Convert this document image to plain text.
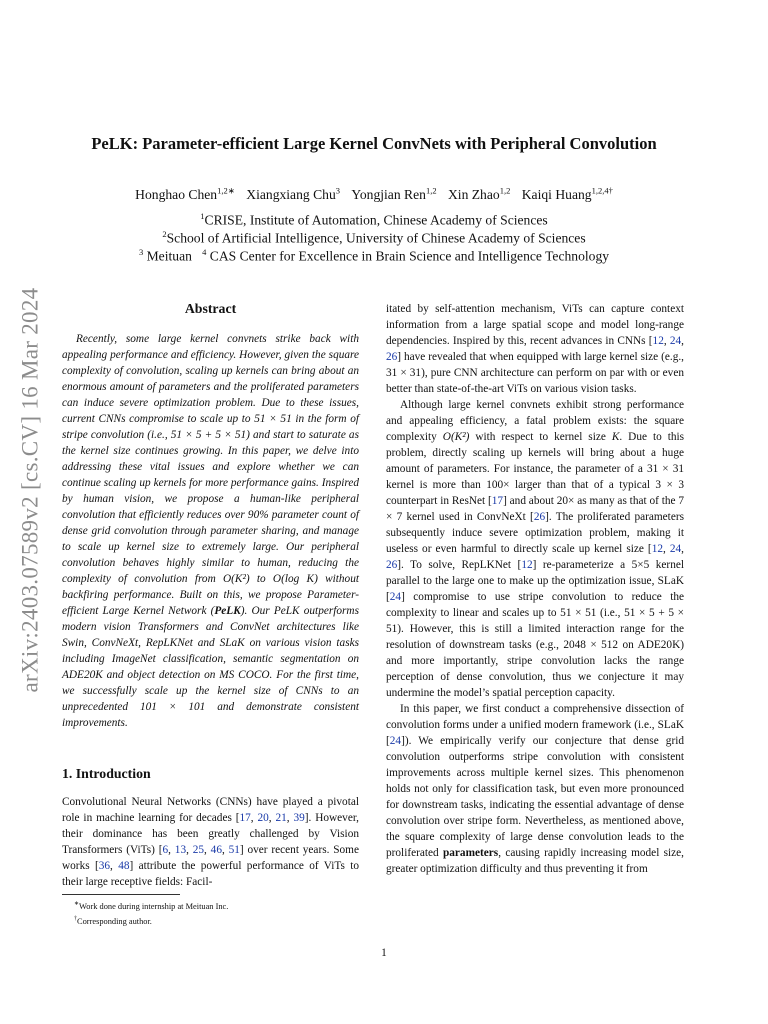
arXiv:2403.07589v2 [cs.CV] 16 Mar 2024
PeLK: Parameter-efficient Large Kernel ConvNets with Peripheral Convolution
Honghao Chen$^{1,2∗}$ Xiangxiang Chu$^3$ Yongjian Ren$^{1,2}$ Xin Zhao$^{1,2}$ Kaiqi Huang$^{1,2,4\dagger}$
$^1$CRISE, Institute of Automation, Chinese Academy of Sciences
$^2$School of Artificial Intelligence, University of Chinese Academy of Sciences
$^3$ Meituan $^4$ CAS Center for Excellence in Brain Science and Intelligence Technology
Abstract

Recently, some large kernel convnets strike back with appealing performance and efficiency. However, given the square complexity of convolution, scaling up kernels can bring about an enormous amount of parameters and the proliferated parameters can induce severe optimization problem. Due to these issues, current CNNs compromise to scale up to 51 × 51 in the form of stripe convolution (i.e., 51 × 5 + 5 × 51) and start to saturate as the kernel size continues growing. In this paper, we delve into addressing these vital issues and explore whether we can continue scaling up kernels for more performance gains. Inspired by human vision, we propose a human-like peripheral convolution that efficiently reduces over 90% parameter count of dense grid convolution through parameter sharing, and manage to scale up kernel size to extremely large. Our peripheral convolution behaves highly similar to human, reducing the complexity of convolution from O(K²) to O(log K) without backfiring performance. Built on this, we propose Parameter-efficient Large Kernel Network (PeLK). Our PeLK outperforms modern vision Transformers and ConvNet architectures like Swin, ConvNeXt, RepLKNet and SLaK on various vision tasks including ImageNet classification, semantic segmentation on ADE20K and object detection on MS COCO. For the first time, we successfully scale up the kernel size of CNNs to an unprecedented 101 × 101 and demonstrate consistent improvements.

1. Introduction

Convolutional Neural Networks (CNNs) have played a pivotal role in machine learning for decades [17, 20, 21, 39]. However, their dominance has been greatly challenged by Vision Transformers (ViTs) [6, 13, 25, 46, 51] over recent years. Some works [36, 48] attribute the powerful performance of ViTs to their large receptive fields: Facil-

∗Work done during internship at Meituan Inc.
†Corresponding author.

itated by self-attention mechanism, ViTs can capture context information from a large spatial scope and model long-range dependencies. Inspired by this, recent advances in CNNs [12, 24, 26] have revealed that when equipped with large kernel size (e.g., 31 × 31), pure CNN architecture can perform on par with or even better than state-of-the-art ViTs on various vision tasks.

Although large kernel convnets exhibit strong performance and appealing efficiency, a fatal problem exists: the square complexity O(K²) with respect to kernel size K. Due to this problem, directly scaling up kernels will bring about a huge amount of parameters. For instance, the parameter of a 31 × 31 kernel is more than 100× larger than that of a typical 3 × 3 counterpart in ResNet [17] and about 20× as many as that of the 7 × 7 kernel used in ConvNeXt [26]. The proliferated parameters subsequently induce severe optimization problem, making it useless or even harmful to directly scale up kernel size [12, 24, 26]. To solve, RepLKNet [12] re-parameterize a 5×5 kernel parallel to the large one to make up the optimization issue, SLaK [24] compromise to use stripe convolution to reduce the complexity to linear and scales up to 51 × 51 (i.e., 51 × 5 + 5 × 51). However, this is still a limited interaction range for the resolution of downstream tasks (e.g., 2048 × 512 on ADE20K) and more importantly, stripe convolution lacks the range perception of dense convolution, thus we conjecture it may undermine the model’s spatial perception capacity.

In this paper, we first conduct a comprehensive dissection of convolution forms under a unified modern framework (i.e., SLaK [24]). We empirically verify our conjecture that dense grid convolution outperforms stripe convolution with consistent improvements across multiple kernel sizes. This phenomenon holds not only for classification task, but even more pronounced for downstream tasks, indicating the essential advantage of dense convolution over stripe form. Nevertheless, as mentioned above, the square complexity of large dense convolution leads to the proliferated parameters, causing rapidly increasing model size, greater optimization difficulty and thus preventing it from

1
